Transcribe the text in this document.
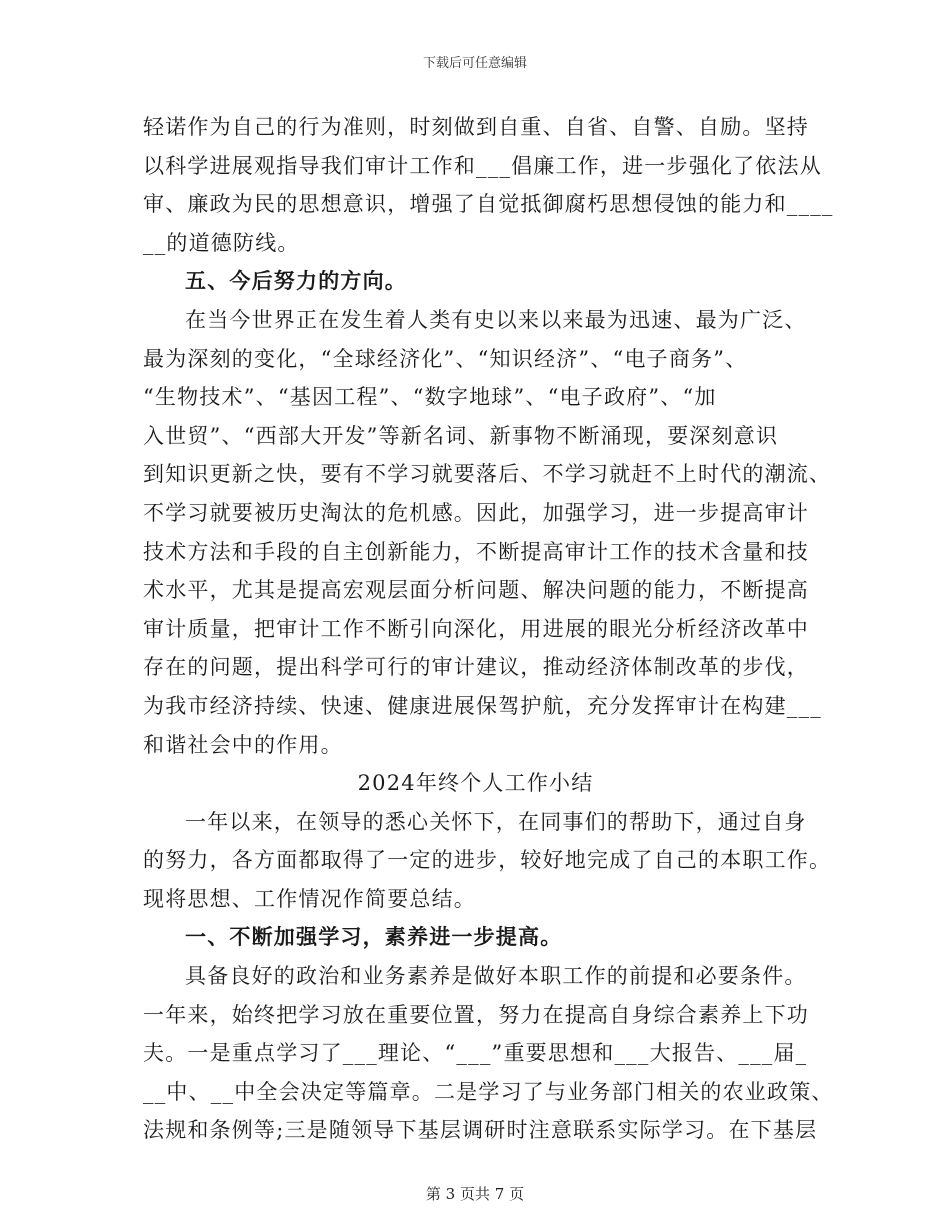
下载后可任意编辑
轻诺作为自己的行为准则，时刻做到自重、自省、自警、自励。坚持
以科学进展观指导我们审计工作和___倡廉工作，进一步强化了依法从
审、廉政为民的思想意识，增强了自觉抵御腐朽思想侵蚀的能力和____
__的道德防线。
五、今后努力的方向。
在当今世界正在发生着人类有史以来以来最为迅速、最为广泛、
最为深刻的变化，“全球经济化”、“知识经济”、“电子商务”、
“生物技术”、“基因工程”、“数字地球”、“电子政府”、“加
入世贸”、“西部大开发”等新名词、新事物不断涌现，要深刻意识
到知识更新之快，要有不学习就要落后、不学习就赶不上时代的潮流、
不学习就要被历史淘汰的危机感。因此，加强学习，进一步提高审计
技术方法和手段的自主创新能力，不断提高审计工作的技术含量和技
术水平，尤其是提高宏观层面分析问题、解决问题的能力，不断提高
审计质量，把审计工作不断引向深化，用进展的眼光分析经济改革中
存在的问题，提出科学可行的审计建议，推动经济体制改革的步伐，
为我市经济持续、快速、健康进展保驾护航，充分发挥审计在构建___
和谐社会中的作用。
2024年终个人工作小结
一年以来，在领导的悉心关怀下，在同事们的帮助下，通过自身
的努力，各方面都取得了一定的进步，较好地完成了自己的本职工作。
现将思想、工作情况作简要总结。
一、不断加强学习，素养进一步提高。
具备良好的政治和业务素养是做好本职工作的前提和必要条件。
一年来，始终把学习放在重要位置，努力在提高自身综合素养上下功
夫。一是重点学习了___理论、“___”重要思想和___大报告、___届_
__中、__中全会决定等篇章。二是学习了与业务部门相关的农业政策、
法规和条例等;三是随领导下基层调研时注意联系实际学习。在下基层
第 3 页共 7 页
